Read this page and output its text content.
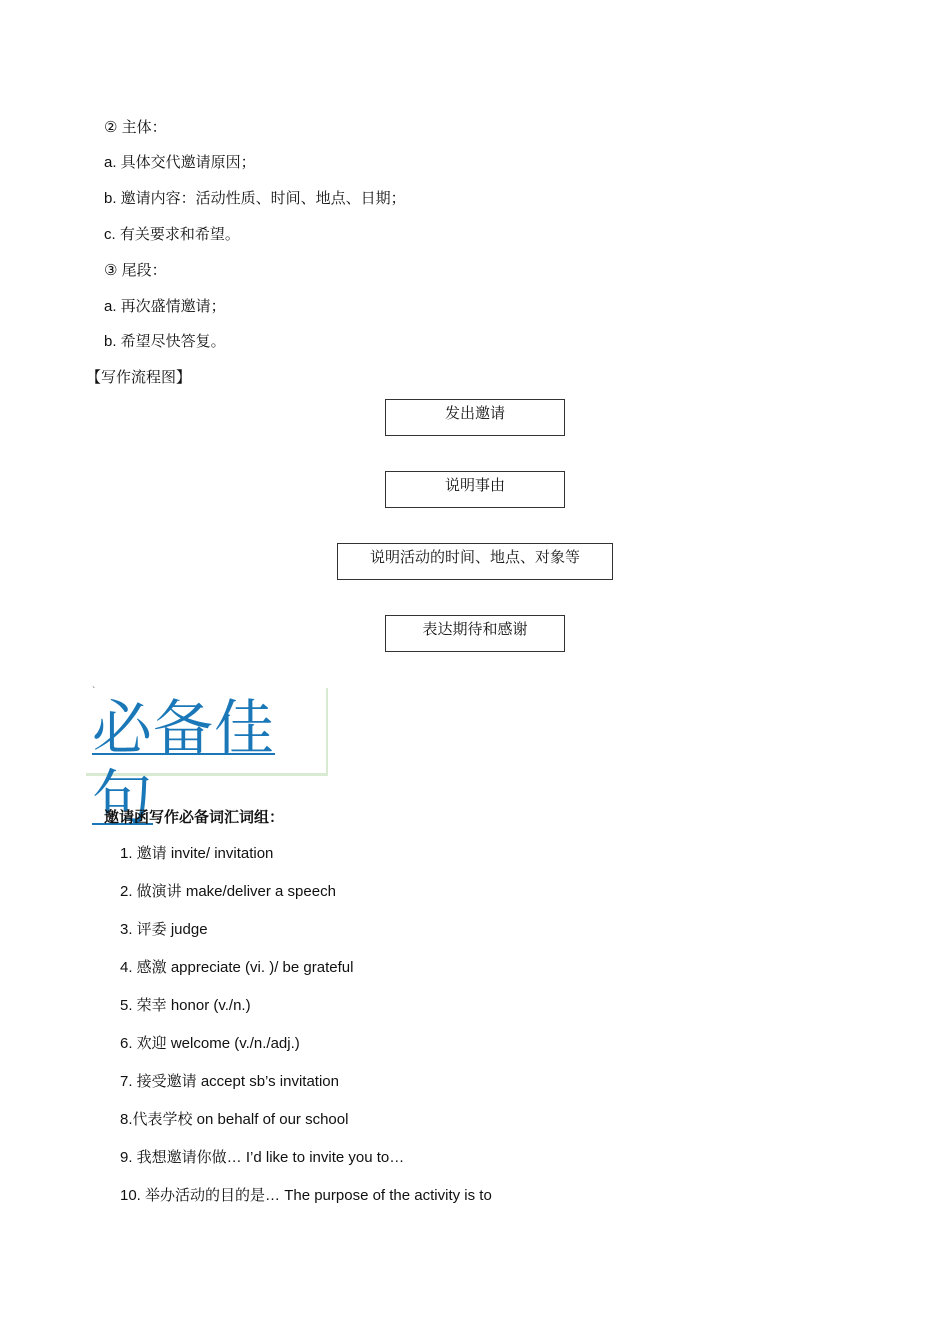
② 主体：
a. 具体交代邀请原因；
b. 邀请内容：活动性质、时间、地点、日期；
c. 有关要求和希望。
③ 尾段：
a. 再次盛情邀请；
b. 希望尽快答复。
【写作流程图】
发出邀请
说明事由
说明活动的时间、地点、对象等
表达期待和感谢
必备佳句
邀请函写作必备词汇词组：
1. 邀请 invite/ invitation
2. 做演讲 make/deliver a speech
3. 评委 judge
4. 感激 appreciate (vi. )/ be grateful
5. 荣幸 honor (v./n.)
6. 欢迎 welcome (v./n./adj.)
7. 接受邀请 accept sb’s invitation
8.代表学校 on behalf of our school
9. 我想邀请你做… I’d like to invite you to…
10. 举办活动的目的是… The purpose of the activity is to
